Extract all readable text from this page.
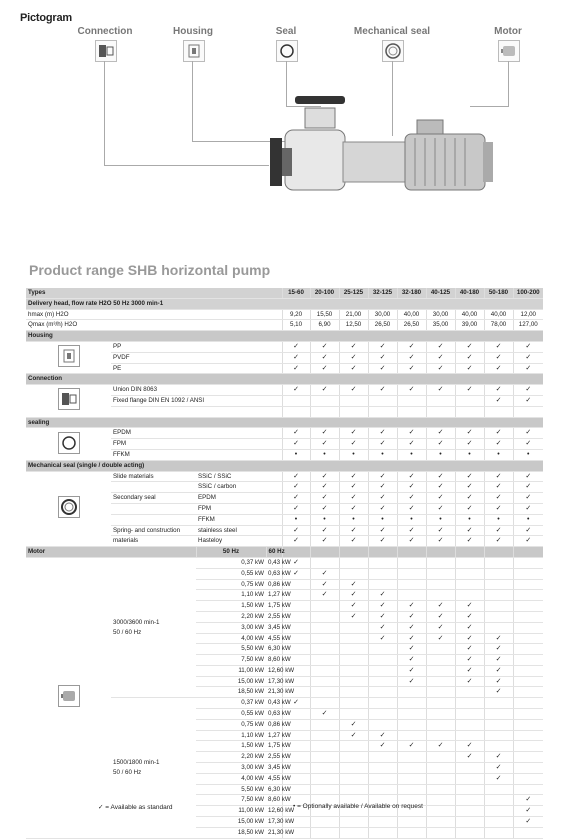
Pictogram
Connection	Housing	Seal	Mechanical seal	Motor
Product range SHB horizontal pump
Types				15-60	20-100	25-125	32-125	32-180	40-125	40-180	50-180	100-200
Delivery head, flow rate H2O 50 Hz 3000 min-1												
hmax (m) H2O				9,20	15,50	21,00	30,00	40,00	30,00	40,00	40,00	12,00
Qmax (m³/h) H2O				5,10	6,90	12,50	26,50	26,50	35,00	39,00	78,00	127,00
Housing												
	PP			✓	✓	✓	✓	✓	✓	✓	✓	✓
	PVDF			✓	✓	✓	✓	✓	✓	✓	✓	✓
	PE			✓	✓	✓	✓	✓	✓	✓	✓	✓
Connection												
	Union DIN 8063			✓	✓	✓	✓	✓	✓	✓	✓	✓
	Fixed flange DIN EN 1092 / ANSI										✓	✓

sealing												
	EPDM			✓	✓	✓	✓	✓	✓	✓	✓	✓
	FPM			✓	✓	✓	✓	✓	✓	✓	✓	✓
	FFKM			•	•	•	•	•	•	•	•	•
Mechanical seal (single / double acting)												
	Slide materials	SSiC / SSiC		✓	✓	✓	✓	✓	✓	✓	✓	✓
		SSiC / carbon		✓	✓	✓	✓	✓	✓	✓	✓	✓
	Secondary seal	EPDM		✓	✓	✓	✓	✓	✓	✓	✓	✓
		FPM		✓	✓	✓	✓	✓	✓	✓	✓	✓
		FFKM		•	•	•	•	•	•	•	•	•
	Spring- and construction	stainless steel		✓	✓	✓	✓	✓	✓	✓	✓	✓
	materials	Hasteloy		✓	✓	✓	✓	✓	✓	✓	✓	✓
Motor		50 Hz	60 Hz									

3000/3600 min-1
50 / 60 Hz	0,37 kW	0,43 kW	✓								
		0,55 kW	0,63 kW	✓	✓							
		0,75 kW	0,86 kW		✓	✓						
		1,10 kW	1,27 kW		✓	✓	✓					
		1,50 kW	1,75 kW			✓	✓	✓	✓	✓		
		2,20 kW	2,55 kW			✓	✓	✓	✓	✓		
		3,00 kW	3,45 kW				✓	✓	✓	✓		
		4,00 kW	4,55 kW				✓	✓	✓	✓	✓	
		5,50 kW	6,30 kW					✓		✓	✓	
		7,50 kW	8,60 kW					✓		✓	✓	
		11,00 kW	12,60 kW					✓		✓	✓	
		15,00 kW	17,30 kW					✓		✓	✓	
		18,50 kW	21,30 kW								✓	

	1500/1800 min-1
50 / 60 Hz	0,37 kW	0,43 kW	✓								
		0,55 kW	0,63 kW		✓							
		0,75 kW	0,86 kW			✓						
		1,10 kW	1,27 kW			✓	✓					
		1,50 kW	1,75 kW				✓	✓	✓	✓		
		2,20 kW	2,55 kW							✓	✓	
		3,00 kW	3,45 kW								✓	
		4,00 kW	4,55 kW								✓	
		5,50 kW	6,30 kW									
		7,50 kW	8,60 kW									✓
		11,00 kW	12,60 kW									✓
		15,00 kW	17,30 kW									✓
		18,50 kW	21,30 kW									
✓ = Available as standard	• = Optionally available / Available on request
